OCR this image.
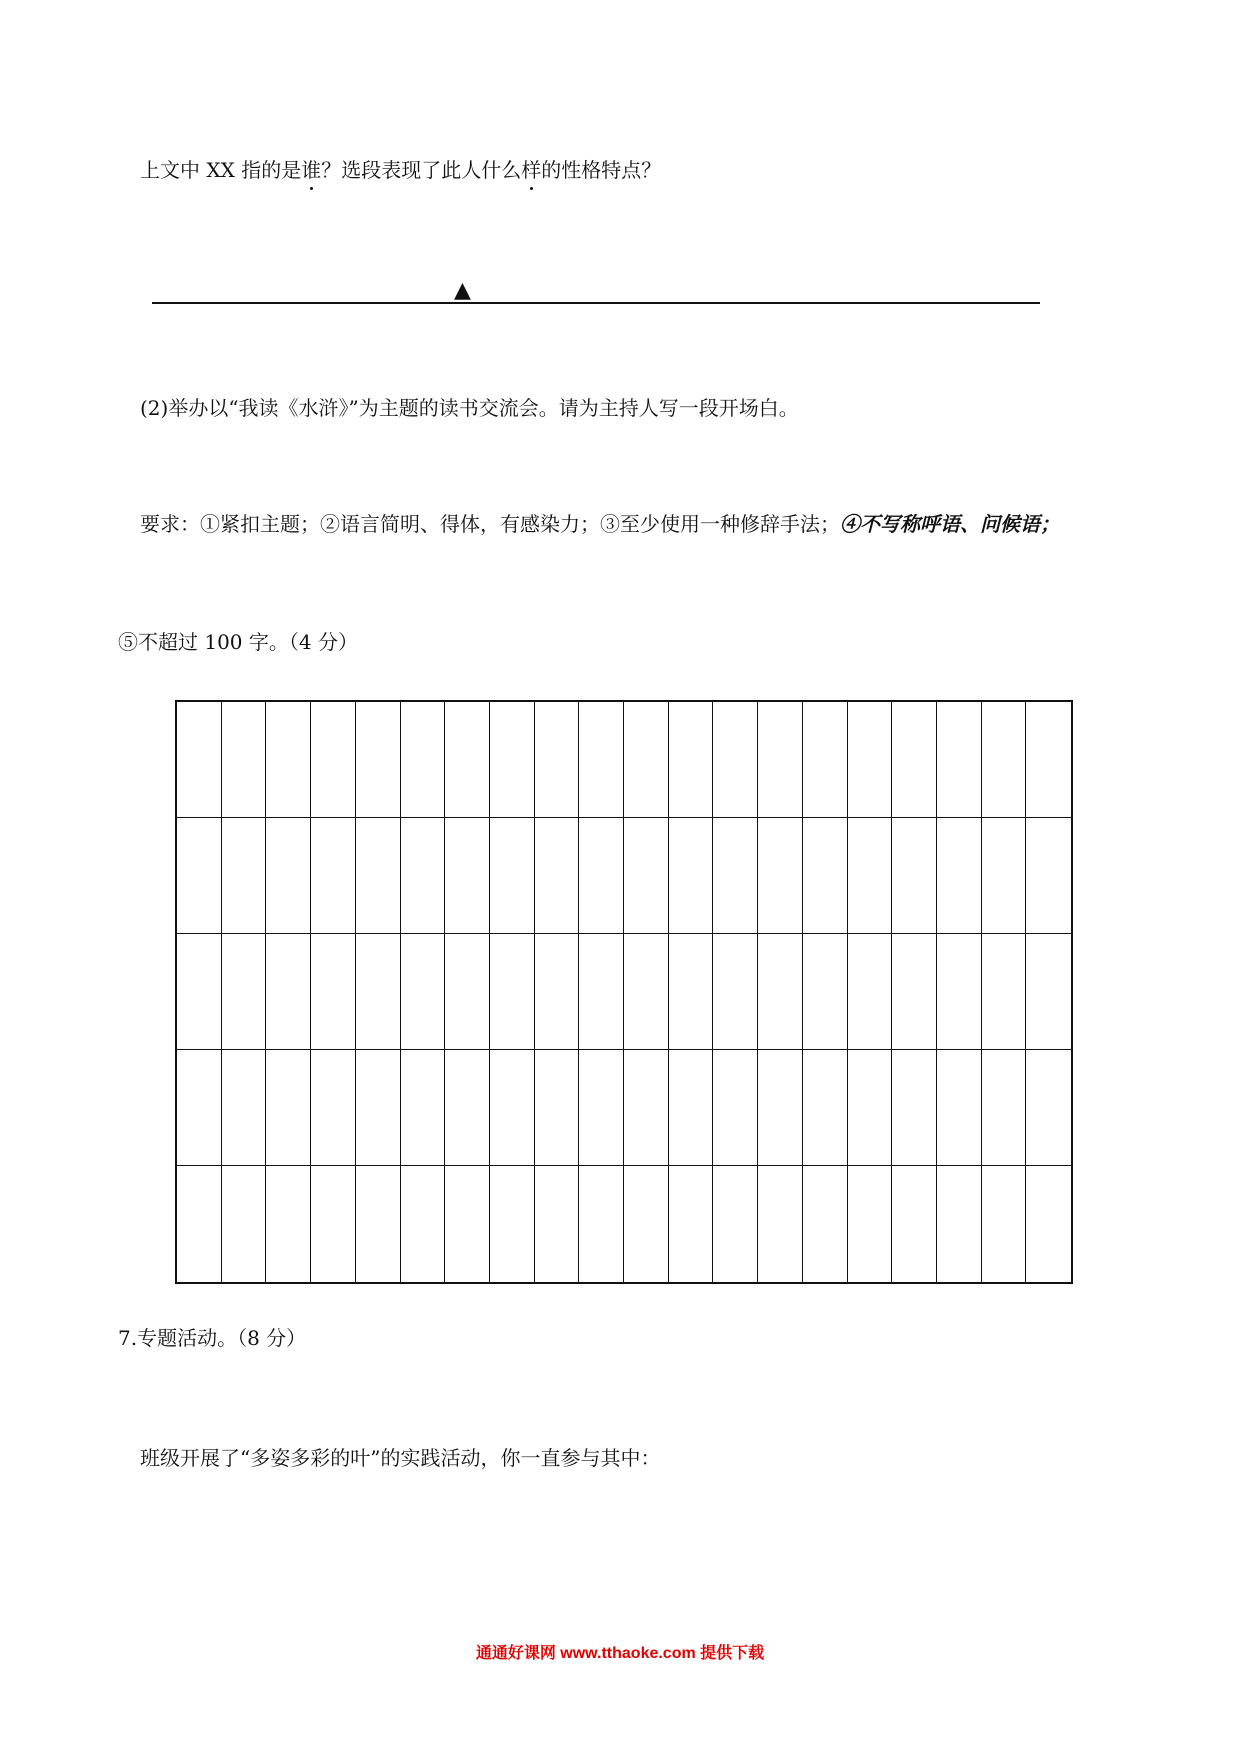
上文中 XX 指的是谁？选段表现了此人什么样的性格特点？
▲
(2)举办以“我读《水浒》”为主题的读书交流会。请为主持人写一段开场白。
要求：①紧扣主题；②语言简明、得体，有感染力；③至少使用一种修辞手法；④不写称呼语、问候语；
⑤不超过 100 字。（4 分）
7.专题活动。（8 分）
班级开展了“多姿多彩的叶”的实践活动，你一直参与其中：
通通好课网 www.tthaoke.com 提供下载
